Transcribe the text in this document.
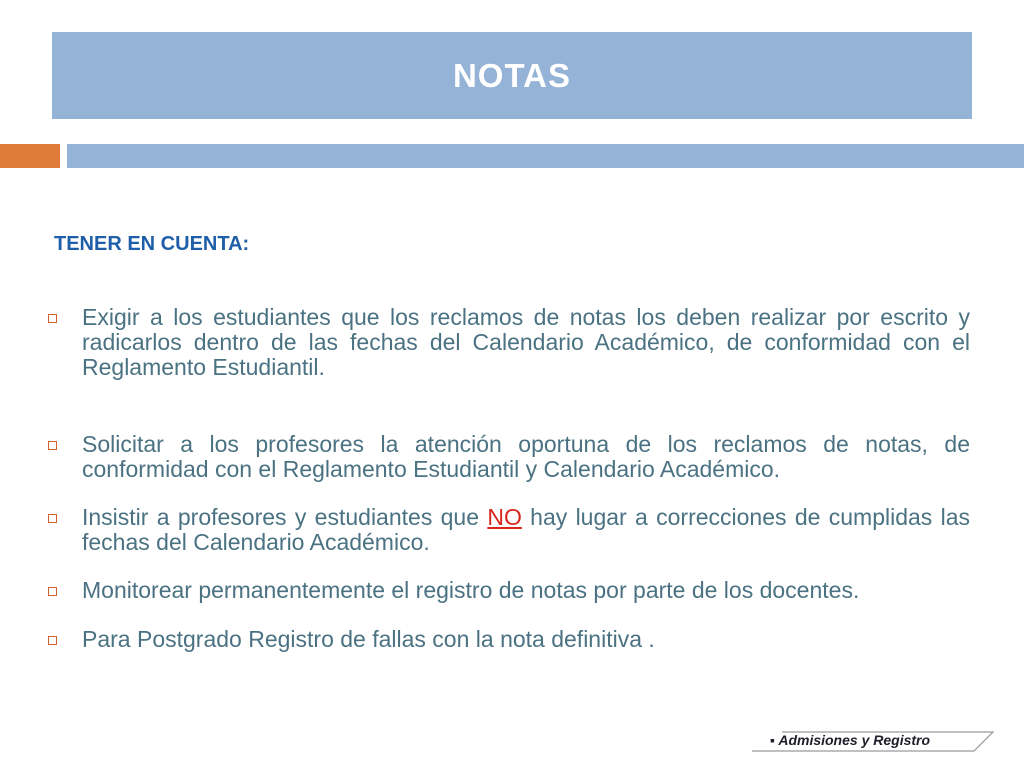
NOTAS
TENER EN CUENTA:
Exigir a los estudiantes que los reclamos de notas los deben realizar por escrito y radicarlos dentro de las fechas del Calendario Académico, de conformidad con el Reglamento Estudiantil.
Solicitar a los profesores la atención oportuna de los reclamos de notas, de conformidad con el Reglamento Estudiantil y Calendario Académico.
Insistir a profesores y estudiantes que NO hay lugar a correcciones de cumplidas las fechas del Calendario Académico.
Monitorear permanentemente el registro de notas por parte de los docentes.
Para Postgrado Registro de fallas con la nota definitiva .
▪ Admisiones y Registro
